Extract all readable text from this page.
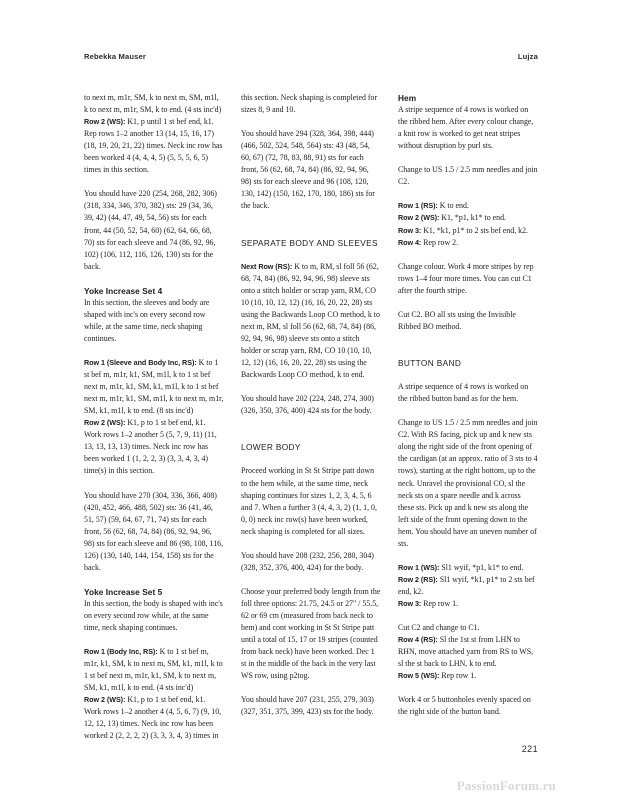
Rebekka Mauser	Lujza

to next m, m1r, SM, k to next m, SM, m1l, k to next m, m1r, SM, k to end. (4 sts inc'd)

Row 2 (WS): K1, p until 1 st bef end, k1.

Rep rows 1–2 another 13 (14, 15, 16, 17) (18, 19, 20, 21, 22) times. Neck inc row has been worked 4 (4, 4, 4, 5) (5, 5, 5, 6, 5) times in this section.

You should have 220 (254, 268, 282, 306) (318, 334, 346, 370, 382) sts: 29 (34, 36, 39, 42) (44, 47, 49, 54, 56) sts for each front, 44 (50, 52, 54, 60) (62, 64, 66, 68, 70) sts for each sleeve and 74 (86, 92, 96, 102) (106, 112, 116, 126, 130) sts for the back.

Yoke Increase Set 4

In this section, the sleeves and body are shaped with inc's on every second row while, at the same time, neck shaping continues.

Row 1 (Sleeve and Body Inc, RS): K to 1 st bef m, m1r, k1, SM, m1l, k to 1 st bef next m, m1r, k1, SM, k1, m1l, k to 1 st bef next m, m1r, k1, SM, m1l, k to next m, m1r, SM, k1, m1l, k to end. (8 sts inc'd)

Row 2 (WS): K1, p to 1 st bef end, k1.

Work rows 1–2 another 5 (5, 7, 9, 11) (11, 13, 13, 13, 13) times. Neck inc row has been worked 1 (1, 2, 2, 3) (3, 3, 4, 3, 4) time(s) in this section.

You should have 270 (304, 336, 366, 408) (420, 452, 466, 488, 502) sts: 36 (41, 46, 51, 57) (59, 64, 67, 71, 74) sts for each front, 56 (62, 68, 74, 84) (86, 92, 94, 96, 98) sts for each sleeve and 86 (98, 108, 116, 126) (130, 140, 144, 154, 158) sts for the back.

Yoke Increase Set 5

In this section, the body is shaped with inc's on every second row while, at the same time, neck shaping continues.

Row 1 (Body Inc, RS): K to 1 st bef m, m1r, k1, SM, k to next m, SM, k1, m1l, k to 1 st bef next m, m1r, k1, SM, k to next m, SM, k1, m1l, k to end. (4 sts inc'd)

Row 2 (WS): K1, p to 1 st bef end, k1.

Work rows 1–2 another 4 (4, 5, 6, 7) (9, 10, 12, 12, 13) times. Neck inc row has been worked 2 (2, 2, 2, 2) (3, 3, 3, 4, 3) times in

this section. Neck shaping is completed for sizes 8, 9 and 10.

You should have 294 (328, 364, 398, 444) (466, 502, 524, 548, 564) sts: 43 (48, 54, 60, 67) (72, 78, 83, 88, 91) sts for each front, 56 (62, 68, 74, 84) (86, 92, 94, 96, 98) sts for each sleeve and 96 (108, 120, 130, 142) (150, 162, 170, 180, 186) sts for the back.

SEPARATE BODY AND SLEEVES

Next Row (RS): K to m, RM, sl foll 56 (62, 68, 74, 84) (86, 92, 94, 96, 98) sleeve sts onto a stitch holder or scrap yarn, RM, CO 10 (10, 10, 12, 12) (16, 16, 20, 22, 28) sts using the Backwards Loop CO method, k to next m, RM, sl foll 56 (62, 68, 74, 84) (86, 92, 94, 96, 98) sleeve sts onto a stitch holder or scrap yarn, RM, CO 10 (10, 10, 12, 12) (16, 16, 20, 22, 28) sts using the Backwards Loop CO method, k to end.

You should have 202 (224, 248, 274, 300) (326, 350, 376, 400) 424 sts for the body.

LOWER BODY

Proceed working in St St Stripe patt down to the hem while, at the same time, neck shaping continues for sizes 1, 2, 3, 4, 5, 6 and 7. When a further 3 (4, 4, 3, 2) (1, 1, 0, 0, 0) neck inc row(s) have been worked, neck shaping is completed for all sizes.

You should have 208 (232, 256, 280, 304) (328, 352, 376, 400, 424) for the body.

Choose your preferred body length from the foll three options: 21.75, 24.5 or 27" / 55.5, 62 or 69 cm (measured from back neck to hem) and cont working in St St Stripe patt until a total of 15, 17 or 19 stripes (counted from back neck) have been worked. Dec 1 st in the middle of the back in the very last WS row, using p2tog.

You should have 207 (231, 255, 279, 303) (327, 351, 375, 399, 423) sts for the body.

Hem

A stripe sequence of 4 rows is worked on the ribbed hem. After every colour change, a knit row is worked to get neat stripes without disruption by purl sts.

Change to US 1.5 / 2.5 mm needles and join C2.

Row 1 (RS): K to end.

Row 2 (WS): K1, *p1, k1* to end.

Row 3: K1, *k1, p1* to 2 sts bef end, k2.

Row 4: Rep row 2.

Change colour. Work 4 more stripes by rep rows 1–4 four more times. You can cut C1 after the fourth stripe.

Cut C2. BO all sts using the Invisible Ribbed BO method.

BUTTON BAND

A stripe sequence of 4 rows is worked on the ribbed button band as for the hem.

Change to US 1.5 / 2.5 mm needles and join C2. With RS facing, pick up and k new sts along the right side of the front opening of the cardigan (at an approx. ratio of 3 sts to 4 rows), starting at the right bottom, up to the neck. Unravel the provisional CO, sl the neck sts on a spare needle and k across these sts. Pick up and k new sts along the left side of the front opening down to the hem. You should have an uneven number of sts.

Row 1 (WS): Sl1 wyif, *p1, k1* to end.

Row 2 (RS): Sl1 wyif, *k1, p1* to 2 sts bef end, k2.

Row 3: Rep row 1.

Cut C2 and change to C1.

Row 4 (RS): Sl the 1st st from LHN to RHN, move attached yarn from RS to WS, sl the st back to LHN, k to end.

Row 5 (WS): Rep row 1.

Work 4 or 5 buttonholes evenly spaced on the right side of the button band.

221
PassionForum.ru
